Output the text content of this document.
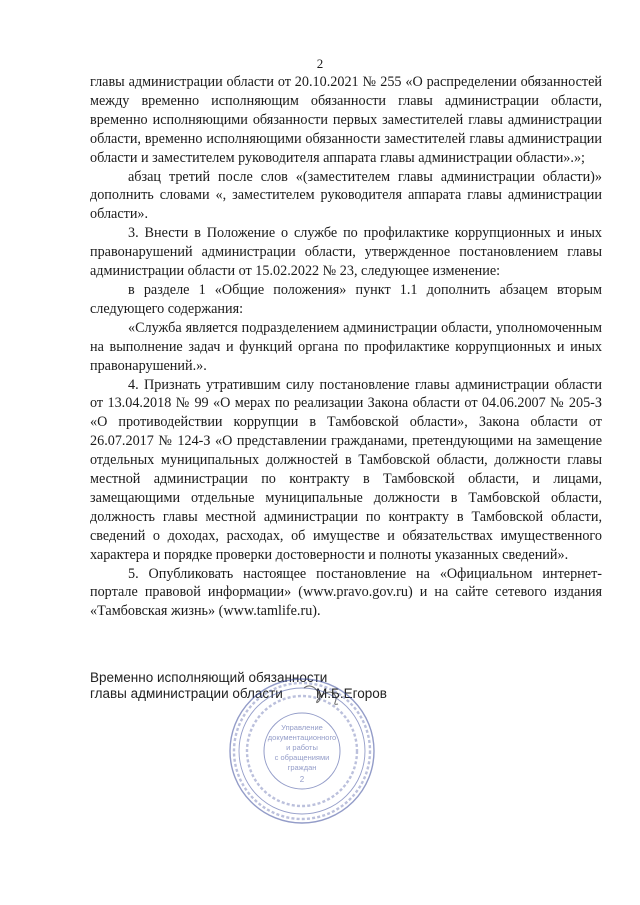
2

главы администрации области от 20.10.2021 № 255 «О распределении обязанностей между временно исполняющим обязанности главы администрации области, временно исполняющими обязанности первых заместителей главы администрации области, временно исполняющими обязанности заместителей главы администрации области и заместителем руководителя аппарата главы администрации области».»;

абзац третий после слов «(заместителем главы администрации области)» дополнить словами «, заместителем руководителя аппарата главы администрации области».

3. Внести в Положение о службе по профилактике коррупционных и иных правонарушений администрации области, утвержденное постановлением главы администрации области от 15.02.2022 № 23, следующее изменение:

в разделе 1 «Общие положения» пункт 1.1 дополнить абзацем вторым следующего содержания:

«Служба является подразделением администрации области, уполномоченным на выполнение задач и функций органа по профилактике коррупционных и иных правонарушений.».

4. Признать утратившим силу постановление главы администрации области от 13.04.2018 № 99 «О мерах по реализации Закона области от 04.06.2007 № 205-З «О противодействии коррупции в Тамбовской области», Закона области от 26.07.2017 № 124-З «О представлении гражданами, претендующими на замещение отдельных муниципальных должностей в Тамбовской области, должности главы местной администрации по контракту в Тамбовской области, и лицами, замещающими отдельные муниципальные должности в Тамбовской области, должность главы местной администрации по контракту в Тамбовской области, сведений о доходах, расходах, об имуществе и обязательствах имущественного характера и порядке проверки достоверности и полноты указанных сведений».

5. Опубликовать настоящее постановление на «Официальном интернет-портале правовой информации» (www.pravo.gov.ru) и на сайте сетевого издания «Тамбовская жизнь» (www.tamlife.ru).

Временно исполняющий обязанности
главы администрации области М.Б.Егоров
Управление
документационного
и работы
с обращениями
граждан
2
